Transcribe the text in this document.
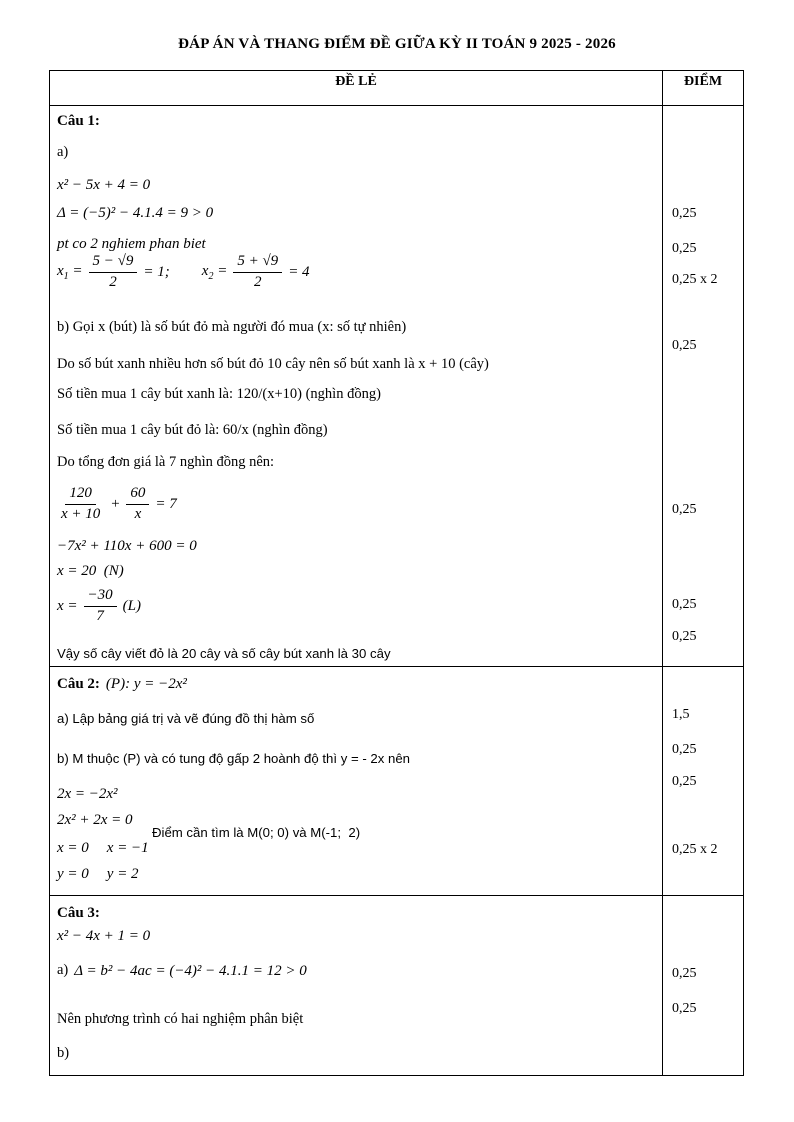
ĐÁP ÁN VÀ THANG ĐIỂM ĐỀ GIỮA KỲ II TOÁN 9 2025 - 2026
ĐỀ LẺ	ĐIỂM
Câu 1:
a)
x² − 5x + 4 = 0
Δ = (−5)² − 4.1.4 = 9 > 0
pt co 2 nghiem phan biet
$x_1 = \frac{5 - √9}{2} = 1$; $x_2 = \frac{5 + √9}{2} = 4$
b) Gọi x (bút) là số bút đỏ mà người đó mua (x: số tự nhiên)
Do số bút xanh nhiều hơn số bút đỏ 10 cây nên số bút xanh là x + 10 (cây)
Số tiền mua 1 cây bút xanh là: 120/(x+10) (nghìn đồng)
Số tiền mua 1 cây bút đỏ là: 60/x (nghìn đồng)
Do tổng đơn giá là 7 nghìn đồng nên:
$\frac{120}{x + 10} + \frac{60}{x} = 7$
−7x² + 110x + 600 = 0
x = 20  (N)
$x = \frac{-30}{7} (L)$
Vậy số cây viết đỏ là 20 cây và số cây bút xanh là 30 cây
0,25
0,25
0,25 x 2
0,25
0,25
0,25
0,25
Câu 2: (P): y = −2x²
a) Lập bảng giá trị và vẽ đúng đồ thị hàm số
b) M thuộc (P) và có tung độ gấp 2 hoành độ thì y = - 2x nên
2x = −2x²
2x² + 2x = 0
Điểm cần tìm là M(0; 0) và M(-1;  2)
x = 0 x = −1
y = 0 y = 2
1,5
0,25
0,25
0,25 x 2
Câu 3:
x² − 4x + 1 = 0
a) Δ = b² − 4ac = (−4)² − 4.1.1 = 12 > 0
Nên phương trình có hai nghiệm phân biệt
b)
0,25
0,25
